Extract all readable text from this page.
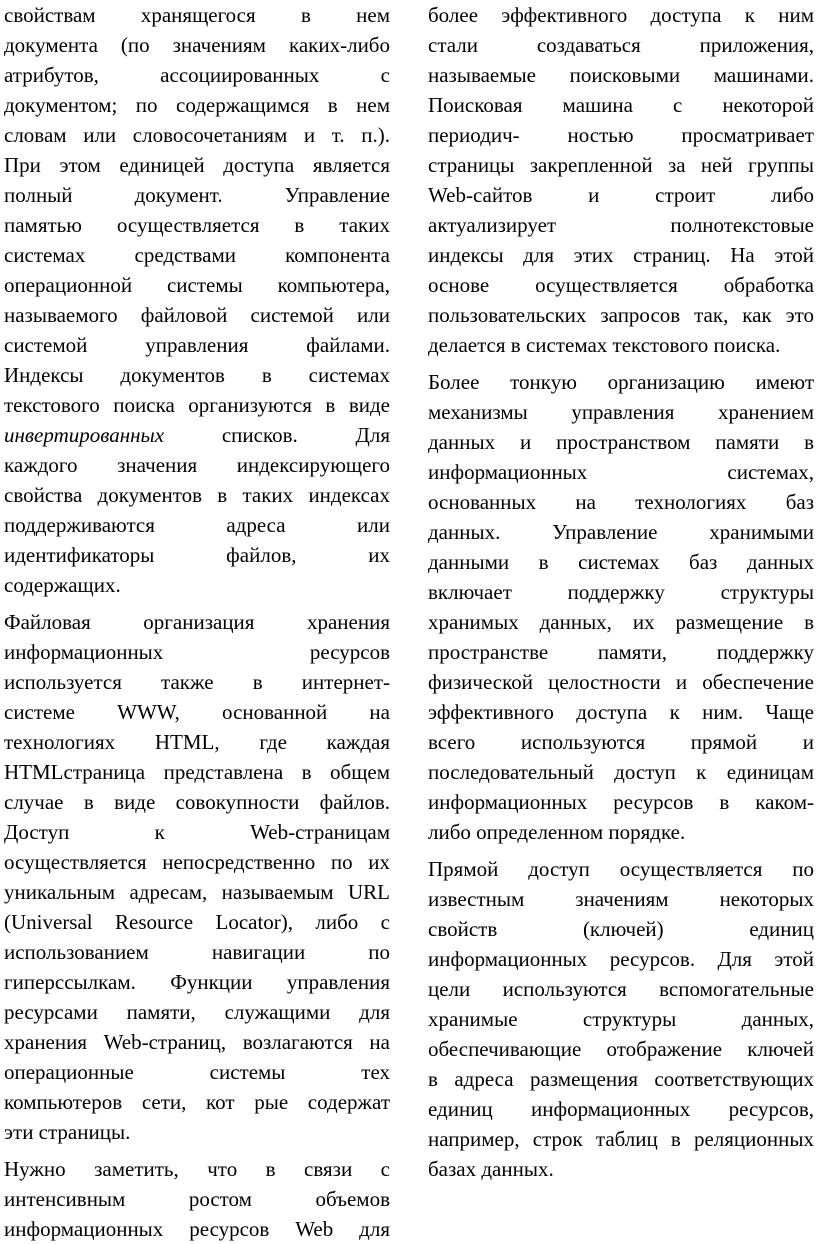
свойствам хранящегося в нем
документа (по значениям каких-либо
атрибутов, ассоциированных с
документом; по содержащимся в нем
словам или словосочетаниям и т. п.).
При этом единицей доступа является
полный документ. Управление
памятью осуществляется в таких
системах средствами компонента
операционной системы компьютера,
называемого файловой системой или
системой управления файлами.
Индексы документов в системах
текстового поиска организуются в виде
инвертированных списков. Для
каждого значения индексирующего
свойства документов в таких индексах
поддерживаются адреса или
идентификаторы файлов, их
содержащих.

Файловая организация хранения
информационных ресурсов
используется также в интернет-
системе WWW, основанной на
технологиях HTML, где каждая
HTMLстраница представлена в общем
случае в виде совокупности файлов.
Доступ к Web-страницам
осуществляется непосредственно по их
уникальным адресам, называемым URL
(Universal Resource Locator), либо с
использованием навигации по
гиперссылкам. Функции управления
ресурсами памяти, служащими для
хранения Web-страниц, возлагаются на
операционные системы тех
компьютеров сети, кот рые содержат
эти страницы.

Нужно заметить, что в связи с
интенсивным ростом объемов
информационных ресурсов Web для

более эффективного доступа к ним
стали создаваться приложения,
называемые поисковыми машинами.
Поисковая машина с некоторой
периодич- ностью просматривает
страницы закрепленной за ней группы
Web-сайтов и строит либо
актуализирует полнотекстовые
индексы для этих страниц. На этой
основе осуществляется обработка
пользовательских запросов так, как это
делается в системах текстового поиска.

Более тонкую организацию имеют
механизмы управления хранением
данных и пространством памяти в
информационных системах,
основанных на технологиях баз
данных. Управление хранимыми
данными в системах баз данных
включает поддержку структуры
хранимых данных, их размещение в
пространстве памяти, поддержку
физической целостности и обеспечение
эффективного доступа к ним. Чаще
всего используются прямой и
последовательный доступ к единицам
информационных ресурсов в каком-
либо определенном порядке.

Прямой доступ осуществляется по
известным значениям некоторых
свойств (ключей) единиц
информационных ресурсов. Для этой
цели используются вспомогательные
хранимые структуры данных,
обеспечивающие отображение ключей
в адреса размещения соответствующих
единиц информационных ресурсов,
например, строк таблиц в реляционных
базах данных.
